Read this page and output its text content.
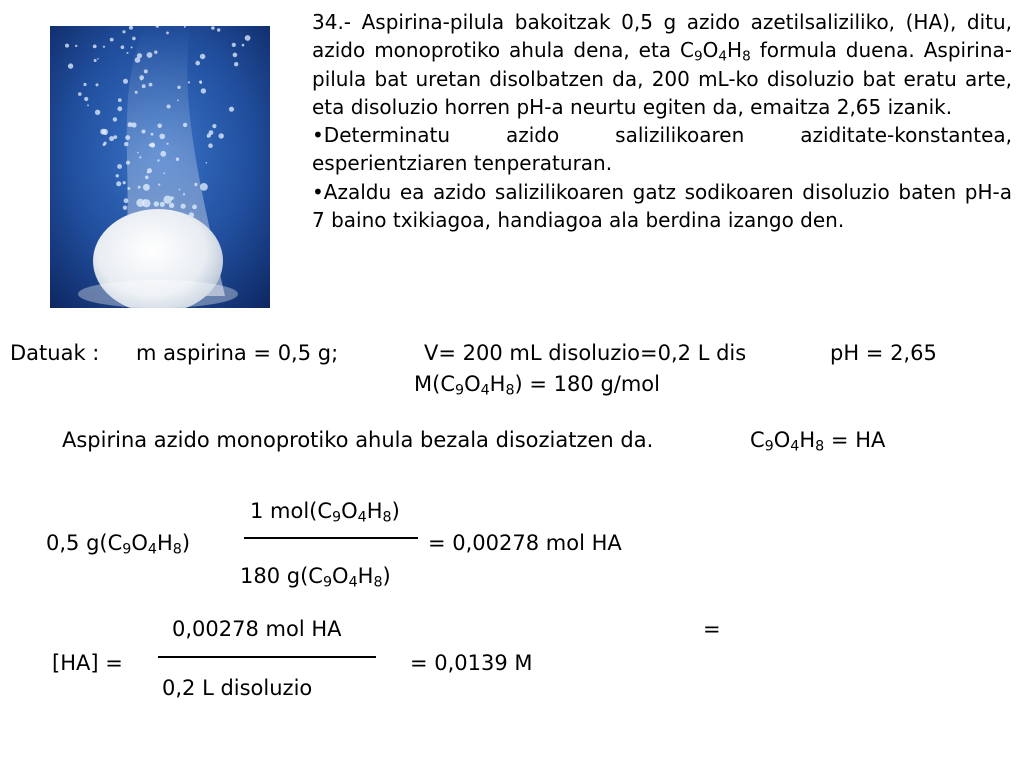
34.- Aspirina-pilula bakoitzak 0,5 g azido azetilsaliziliko, (HA), ditu, azido monoprotiko ahula dena, eta $C_9O_4H_8$ formula duena. Aspirina-pilula bat uretan disolbatzen da, 200 mL-ko disoluzio bat eratu arte, eta disoluzio horren pH-a neurtu egiten da, emaitza 2,65 izanik.

•Determinatu azido salizilikoaren aziditate-konstantea, esperientziaren tenperaturan.

•Azaldu ea azido salizilikoaren gatz sodikoaren disoluzio baten pH-a 7 baino txikiagoa, handiagoa ala berdina izango den.

Datuak : m aspirina = 0,5 g;	V= 200 mL disoluzio=0,2 L dis	pH = 2,65
$M(C_9O_4H_8) = 180$ g/mol
Aspirina azido monoprotiko ahula bezala disoziatzen da.	$C_9O_4H_8$ = HA
1 $mol(C_9O_4H_8)$
0,5 $g(C_9O_4H_8)$	= 0,00278 mol HA
180 $g(C_9O_4H_8)$
0,00278 mol HA	=
[HA] =	= 0,0139 M
0,2 L disoluzio
